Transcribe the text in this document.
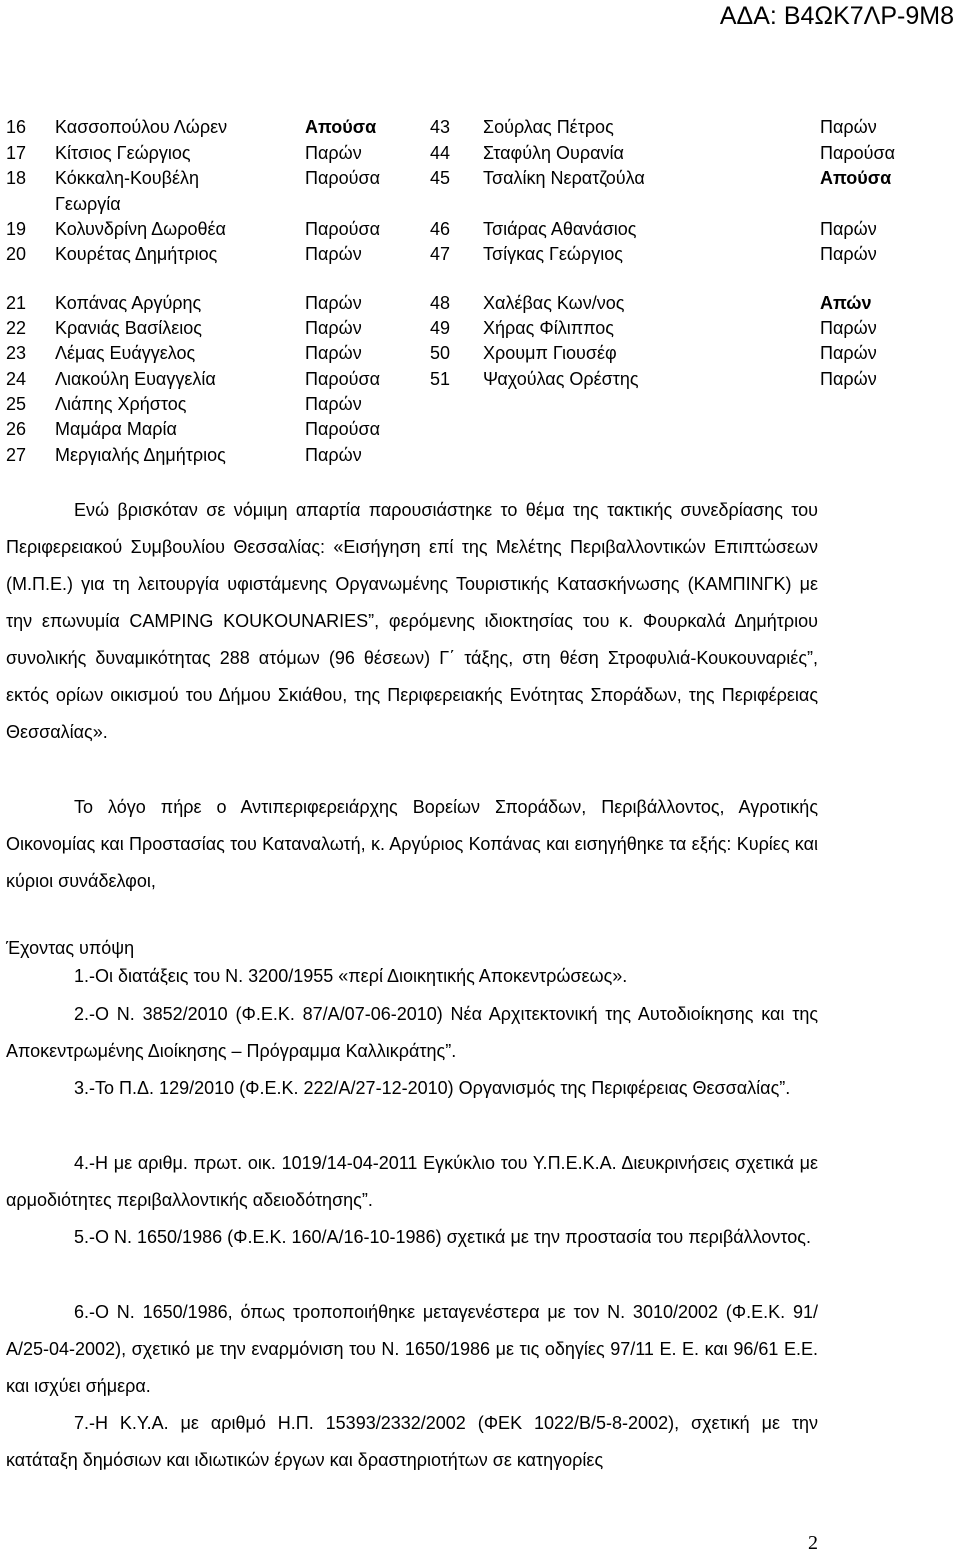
ΑΔΑ: Β4ΩΚ7ΛΡ-9Μ8
16 Κασσοπούλου Λώρεν	Απούσα
17 Κίτσιος Γεώργιος	Παρών
18 Κόκκαλη-Κουβέλη	Παρούσα
Γεωργία
19 Κολυνδρίνη Δωροθέα	Παρούσα
20 Κουρέτας Δημήτριος	Παρών
21 Κοπάνας Αργύρης	Παρών
22 Κρανιάς Βασίλειος	Παρών
23 Λέμας Ευάγγελος	Παρών
24 Λιακούλη Ευαγγελία	Παρούσα
25 Λιάπης Χρήστος	Παρών
26 Μαμάρα Μαρία	Παρούσα
27 Μεργιαλής Δημήτριος	Παρών
43 Σούρλας Πέτρος	Παρών
44 Σταφύλη Ουρανία	Παρούσα
45 Τσαλίκη Νερατζούλα	Απούσα
46 Τσιάρας Αθανάσιος	Παρών
47 Τσίγκας Γεώργιος	Παρών
48 Χαλέβας Κων/νος	Απών
49 Χήρας Φίλιππος	Παρών
50 Χρουμπ Γιουσέφ	Παρών
51 Ψαχούλας Ορέστης	Παρών
Ενώ βρισκόταν σε νόμιμη απαρτία παρουσιάστηκε το θέμα της τακτικής συνεδρίασης του Περιφερειακού Συμβουλίου Θεσσαλίας: «Εισήγηση επί της Μελέτης Περιβαλλοντικών Επιπτώσεων (Μ.Π.Ε.) για τη λειτουργία υφιστάμενης Οργανωμένης Τουριστικής Κατασκήνωσης (ΚΑΜΠΙΝΓΚ) με την επωνυμία CAMPING KOUKOUNARIES”, φερόμενης ιδιοκτησίας του κ. Φουρκαλά Δημήτριου συνολικής δυναμικότητας 288 ατόμων (96 θέσεων) Γ΄ τάξης, στη θέση Στροφυλιά-Κουκουναριές”, εκτός ορίων οικισμού του Δήμου Σκιάθου, της Περιφερειακής Ενότητας Σποράδων, της Περιφέρειας Θεσσαλίας».
Το λόγο πήρε ο Αντιπεριφερειάρχης Βορείων Σποράδων, Περιβάλλοντος, Αγροτικής Οικονομίας και Προστασίας του Καταναλωτή, κ. Αργύριος Κοπάνας και εισηγήθηκε τα εξής: Κυρίες και κύριοι συνάδελφοι,
Έχοντας υπόψη
1.-Οι διατάξεις του Ν. 3200/1955 «περί Διοικητικής Αποκεντρώσεως».
2.-Ο Ν. 3852/2010 (Φ.Ε.Κ. 87/Α/07-06-2010) Νέα Αρχιτεκτονική της Αυτοδιοίκησης και της Αποκεντρωμένης Διοίκησης – Πρόγραμμα Καλλικράτης”.
3.-Το Π.Δ. 129/2010 (Φ.Ε.Κ. 222/Α/27-12-2010) Οργανισμός της Περιφέρειας Θεσσαλίας”.
4.-Η με αριθμ. πρωτ. οικ. 1019/14-04-2011 Εγκύκλιο του Υ.Π.Ε.Κ.Α. Διευκρινήσεις σχετικά με αρμοδιότητες περιβαλλοντικής αδειοδότησης”.
5.-Ο Ν. 1650/1986 (Φ.Ε.Κ. 160/Α/16-10-1986) σχετικά με την προστασία του περιβάλλοντος.
6.-Ο Ν. 1650/1986, όπως τροποποιήθηκε μεταγενέστερα με τον Ν. 3010/2002 (Φ.Ε.Κ. 91/Α/25-04-2002), σχετικό με την εναρμόνιση του Ν. 1650/1986 με τις οδηγίες 97/11 Ε. Ε. και 96/61 Ε.Ε. και ισχύει σήμερα.
7.-Η Κ.Υ.Α. με αριθμό Η.Π. 15393/2332/2002 (ΦΕΚ 1022/Β/5-8-2002), σχετική με την κατάταξη δημόσιων και ιδιωτικών έργων και δραστηριοτήτων σε κατηγορίες
2
